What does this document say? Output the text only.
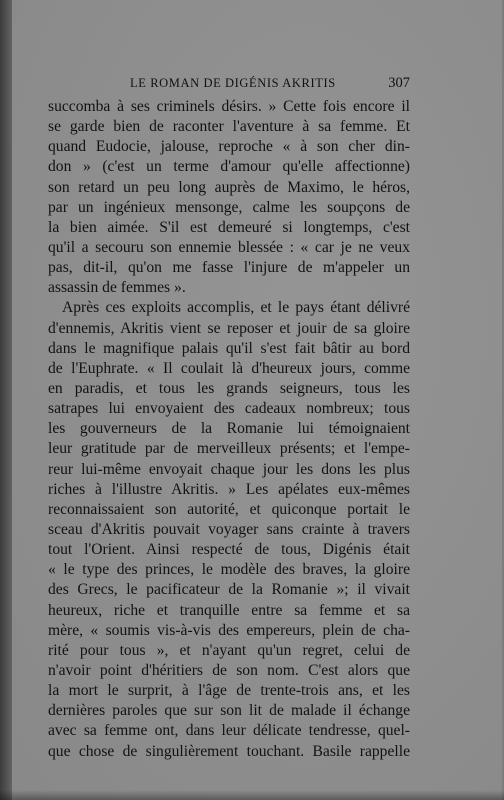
LE ROMAN DE DIGÉNIS AKRITIS	307
succomba à ses criminels désirs. » Cette fois encore il
se garde bien de raconter l'aventure à sa femme. Et
quand Eudocie, jalouse, reproche « à son cher din-
don » (c'est un terme d'amour qu'elle affectionne)
son retard un peu long auprès de Maximo, le héros,
par un ingénieux mensonge, calme les soupçons de
la bien aimée. S'il est demeuré si longtemps, c'est
qu'il a secouru son ennemie blessée : « car je ne veux
pas, dit-il, qu'on me fasse l'injure de m'appeler un
assassin de femmes ».
Après ces exploits accomplis, et le pays étant délivré
d'ennemis, Akritis vient se reposer et jouir de sa gloire
dans le magnifique palais qu'il s'est fait bâtir au bord
de l'Euphrate. « Il coulait là d'heureux jours, comme
en paradis, et tous les grands seigneurs, tous les
satrapes lui envoyaient des cadeaux nombreux; tous
les gouverneurs de la Romanie lui témoignaient
leur gratitude par de merveilleux présents; et l'empe-
reur lui-même envoyait chaque jour les dons les plus
riches à l'illustre Akritis. » Les apélates eux-mêmes
reconnaissaient son autorité, et quiconque portait le
sceau d'Akritis pouvait voyager sans crainte à travers
tout l'Orient. Ainsi respecté de tous, Digénis était
« le type des princes, le modèle des braves, la gloire
des Grecs, le pacificateur de la Romanie »; il vivait
heureux, riche et tranquille entre sa femme et sa
mère, « soumis vis-à-vis des empereurs, plein de cha-
rité pour tous », et n'ayant qu'un regret, celui de
n'avoir point d'héritiers de son nom. C'est alors que
la mort le surprit, à l'âge de trente-trois ans, et les
dernières paroles que sur son lit de malade il échange
avec sa femme ont, dans leur délicate tendresse, quel-
que chose de singulièrement touchant. Basile rappelle
